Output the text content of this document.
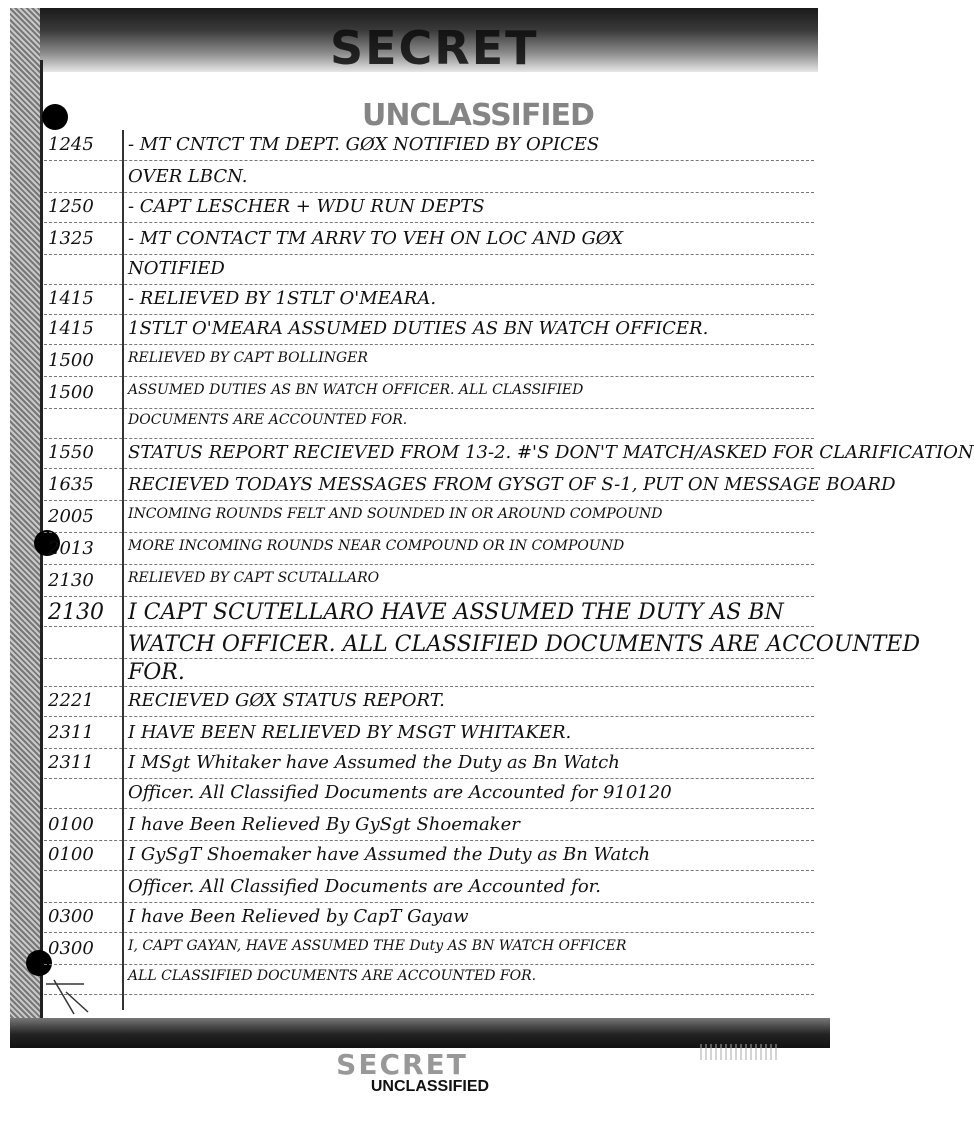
SECRET
UNCLASSIFIED
1245	- MT CNTCT TM DEPT. GØX NOTIFIED BY OPICES
OVER LBCN.
1250	- CAPT LESCHER + WDU RUN DEPTS
1325	- MT CONTACT TM ARRV TO VEH ON LOC AND GØX
NOTIFIED
1415	- RELIEVED BY 1STLT O'MEARA.
1415	1STLT O'MEARA ASSUMED DUTIES AS BN WATCH OFFICER.
1500	RELIEVED BY CAPT BOLLINGER
1500	ASSUMED DUTIES AS BN WATCH OFFICER. ALL CLASSIFIED
DOCUMENTS ARE ACCOUNTED FOR.
1550	STATUS REPORT RECIEVED FROM 13-2. #'S DON'T MATCH/ASKED FOR CLARIFICATION
1635	RECIEVED TODAYS MESSAGES FROM GYSGT OF S-1, PUT ON MESSAGE BOARD
2005	INCOMING ROUNDS FELT AND SOUNDED IN OR AROUND COMPOUND
2013	MORE INCOMING ROUNDS NEAR COMPOUND OR IN COMPOUND
2130	RELIEVED BY CAPT SCUTALLARO
2130	I CAPT SCUTELLARO HAVE ASSUMED THE DUTY AS BN
WATCH OFFICER. ALL CLASSIFIED DOCUMENTS ARE ACCOUNTED
FOR.
2221	RECIEVED GØX STATUS REPORT.
2311	I HAVE BEEN RELIEVED BY MSGT WHITAKER.
2311	I MSgt Whitaker have Assumed the Duty as Bn Watch
Officer. All Classified Documents are Accounted for 910120
0100	I have Been Relieved By GySgt Shoemaker
0100	I GySgT Shoemaker have Assumed the Duty as Bn Watch
Officer. All Classified Documents are Accounted for.
0300	I have Been Relieved by CapT Gayaw
0300	I, CAPT GAYAN, HAVE ASSUMED THE Duty AS BN WATCH OFFICER
ALL CLASSIFIED DOCUMENTS ARE ACCOUNTED FOR.
SECRET
UNCLASSIFIED
